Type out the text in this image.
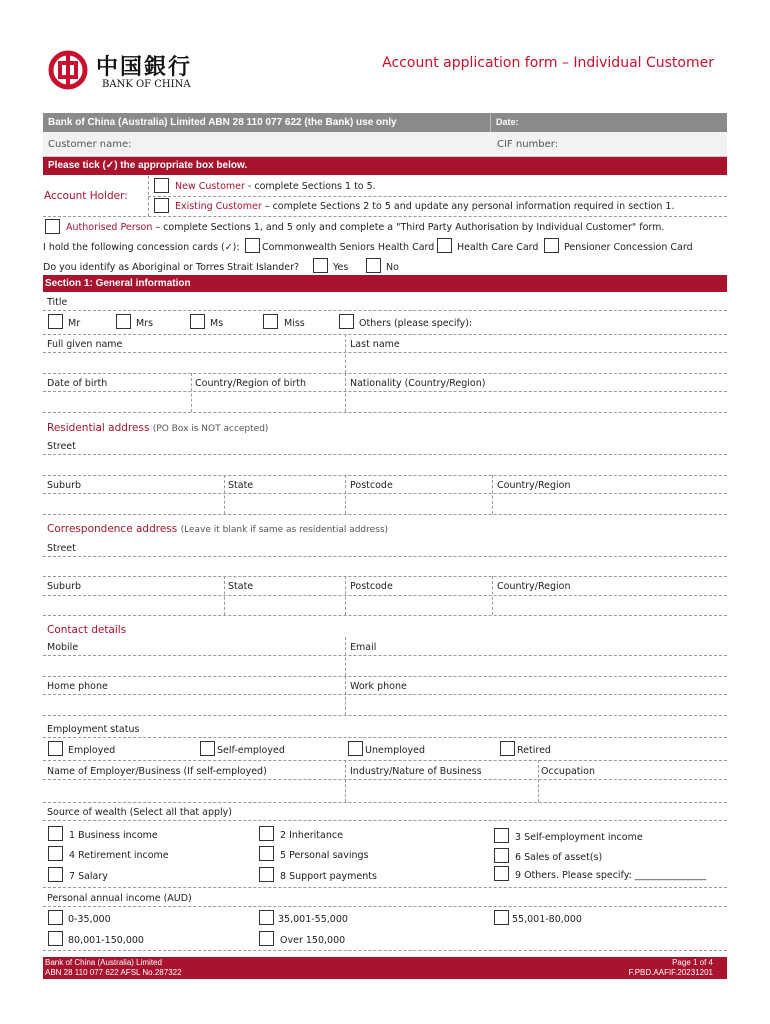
中国銀行
BANK OF CHINA
Account application form – Individual Customer
Bank of China (Australia) Limited ABN 28 110 077 622 (the Bank) use only	Date:
Customer name:	CIF number:
Please tick (✓) the appropriate box below.
Account Holder:
New Customer - complete Sections 1 to 5.
Existing Customer – complete Sections 2 to 5 and update any personal information required in section 1.
Authorised Person – complete Sections 1, and 5 only and complete a "Third Party Authorisation by Individual Customer" form.
I hold the following concession cards (✓): Commonwealth Seniors Health Card Health Care Card	Pensioner Concession Card
Do you identify as Aboriginal or Torres Strait Islander?	Yes	No
Section 1: General information
Title
Mr	Mrs	Ms	Miss	Others (please specify):
Full given name	Last name
Date of birth	Country/Region of birth	Nationality (Country/Region)
Residential address (PO Box is NOT accepted)
Street
Suburb	State	Postcode	Country/Region
Correspondence address (Leave it blank if same as residential address)
Street
Suburb	State	Postcode	Country/Region
Contact details
Mobile	Email
Home phone	Work phone
Employment status
Employed	Self-employed	Unemployed	Retired
Name of Employer/Business (If self-employed)	Industry/Nature of Business	Occupation
Source of wealth (Select all that apply)
1 Business income	2 Inheritance	3 Self-employment income
4 Retirement income	5 Personal savings	6 Sales of asset(s)
7 Salary	8 Support payments	9 Others. Please specify: _______________
Personal annual income (AUD)
0-35,000	35,001-55,000	55,001-80,000
80,001-150,000	Over 150,000
Bank of China (Australia) Limited
ABN 28 110 077 622 AFSL No.287322
Page 1 of 4
F.PBD.AAFIF.20231201
